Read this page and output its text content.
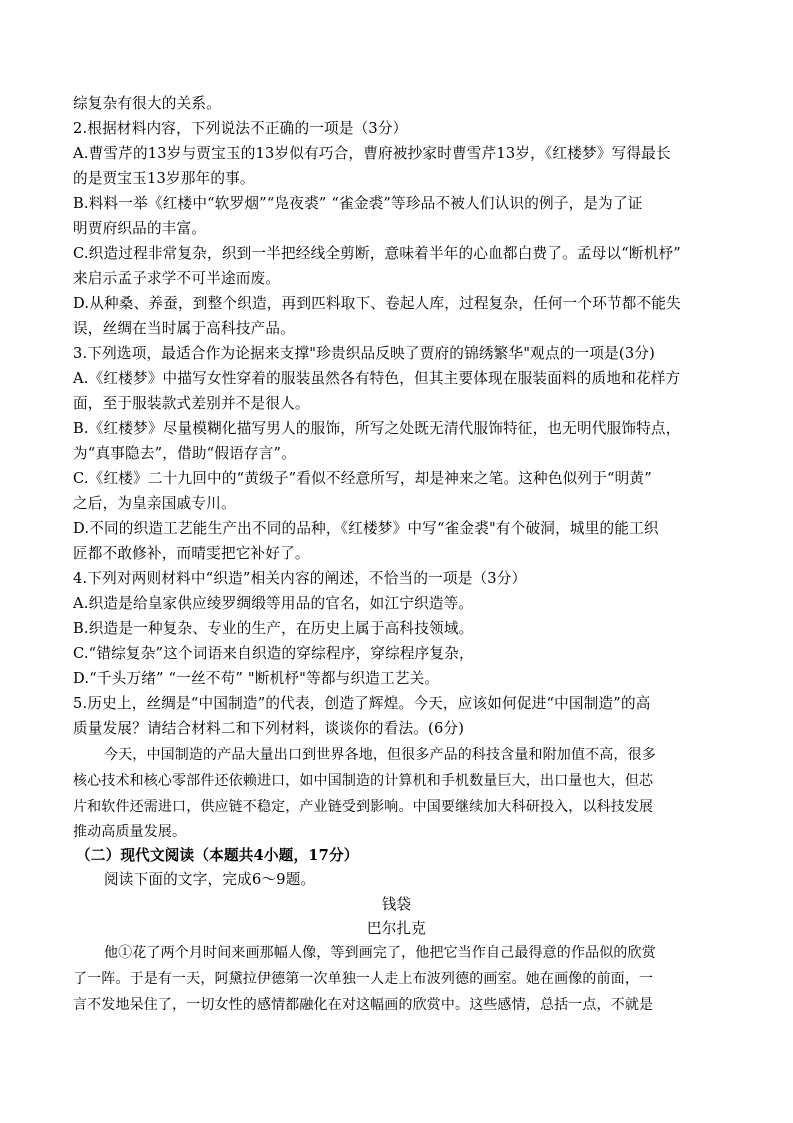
综复杂有很大的关系。
2.根据材料内容，下列说法不正确的一项是（3分）
A.曹雪芹的13岁与贾宝玉的13岁似有巧合，曹府被抄家时曹雪芹13岁，《红楼梦》写得最长
的是贾宝玉13岁那年的事。
B.料料一举《红楼中“软罗烟”“凫夜裘” “雀金裘”等珍品不被人们认识的例子，是为了证
明贾府织品的丰富。
C.织造过程非常复杂，织到一半把经线全剪断，意味着半年的心血都白费了。孟母以“断机杼”
来启示孟子求学不可半途而废。
D.从种桑、养蚕，到整个织造，再到匹料取下、卷起人库，过程复杂，任何一个环节都不能失
误，丝绸在当时属于高科技产品。
3.下列选项，最适合作为论据来支撑"珍贵织品反映了贾府的锦绣繁华"观点的一项是(3分)
A.《红楼梦》中描写女性穿着的服装虽然各有特色，但其主要体现在服装面料的质地和花样方
面，至于服装款式差别并不是很人。
B.《红楼梦》尽量模糊化描写男人的服饰，所写之处既无清代服饰特征，也无明代服饰特点，
为“真事隐去”，借助“假语存言”。
C.《红楼》二十九回中的“黄级子”看似不经意所写，却是神来之笔。这种色似列于“明黄”
之后，为皇亲国戚专川。
D.不同的织造工艺能生产出不同的品种，《红楼梦》中写“雀金裘"有个破洞，城里的能工织
匠都不敢修补，而晴雯把它补好了。
4.下列对两则材料中“织造”相关内容的阐述，不恰当的一项是（3分）
A.织造是给皇家供应绫罗绸缎等用品的官名，如江宁织造等。
B.织造是一种复杂、专业的生产，在历史上属于高科技领域。
C.“错综复杂”这个词语来自织造的穿综程序，穿综程序复杂，
D.“千头万绪” “一丝不苟” "断机杼"等都与织造工艺关。
5.历史上，丝绸是“中国制造”的代表，创造了辉煌。今天，应该如何促进“中国制造”的高
质量发展？请结合材料二和下列材料，谈谈你的看法。(6分)
今天，中国制造的产品大量出口到世界各地，但很多产品的科技含量和附加值不高，很多
核心技术和核心零部件还依赖进口，如中国制造的计算机和手机数量巨大，出口量也大，但芯
片和软件还需进口，供应链不稳定，产业链受到影响。中国要继续加大科研投入，以科技发展
推动高质量发展。
（二）现代文阅读（本题共4小题，17分）
阅读下面的文字，完成6～9题。
钱袋
巴尔扎克
他①花了两个月时间来画那幅人像，等到画完了，他把它当作自己最得意的作品似的欣赏
了一阵。于是有一天，阿黛拉伊德第一次单独一人走上布波列德的画室。她在画像的前面，一
言不发地呆住了，一切女性的感情都融化在对这幅画的欣赏中。这些感情，总括一点，不就是
